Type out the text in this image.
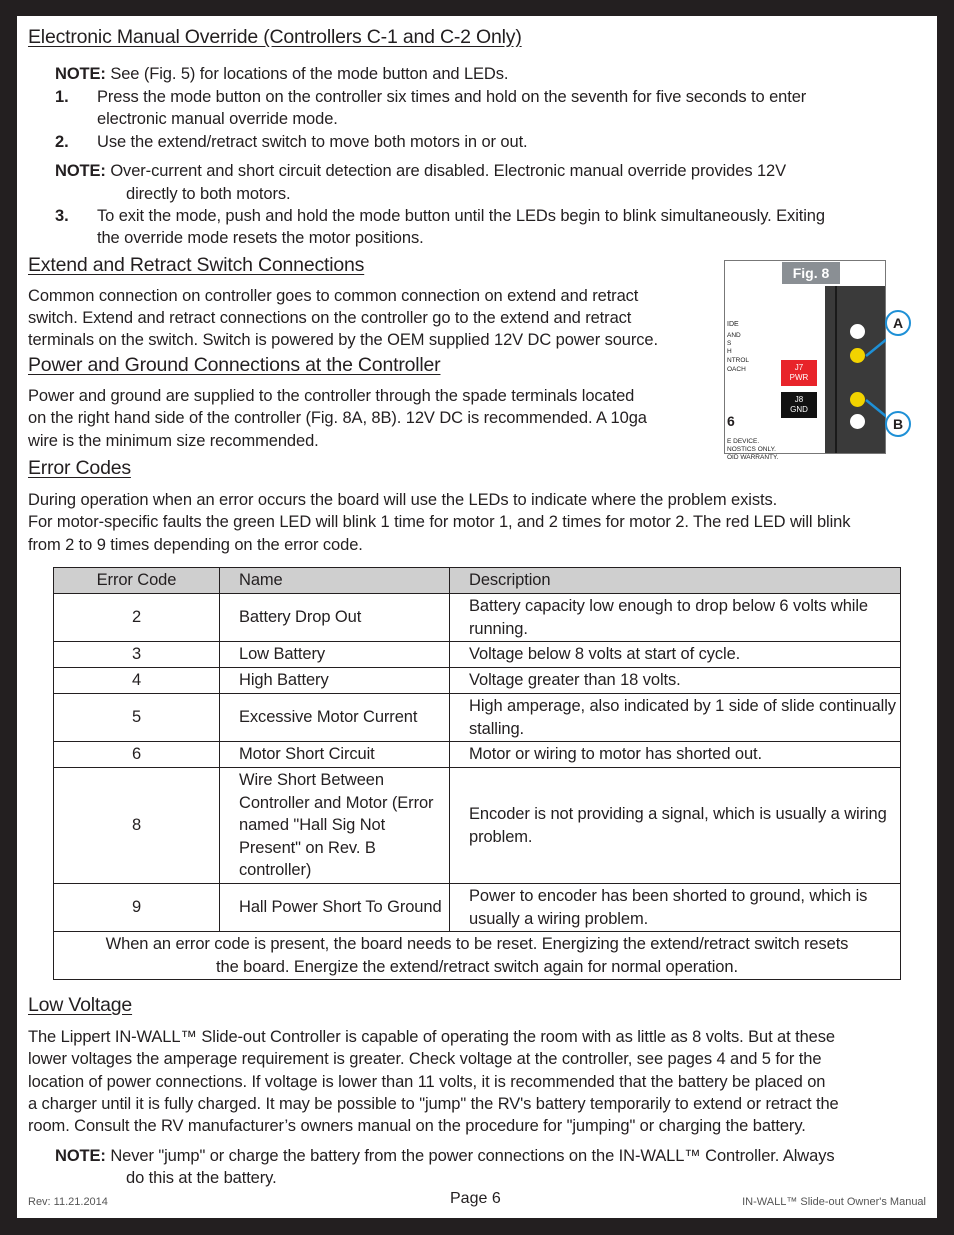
Electronic Manual Override (Controllers C-1 and C-2 Only)
NOTE: See (Fig. 5) for locations of the mode button and LEDs.
1. Press the mode button on the controller six times and hold on the seventh for five seconds to enter
electronic manual override mode.
2. Use the extend/retract switch to move both motors in or out.
NOTE: Over-current and short circuit detection are disabled. Electronic manual override provides 12V
directly to both motors.
3. To exit the mode, push and hold the mode button until the LEDs begin to blink simultaneously. Exiting
the override mode resets the motor positions.
Extend and Retract Switch Connections
Common connection on controller goes to common connection on extend and retract
switch. Extend and retract connections on the controller go to the extend and retract
terminals on the switch. Switch is powered by the OEM supplied 12V DC power source.
Power and Ground Connections at the Controller
Power and ground are supplied to the controller through the spade terminals located
on the right hand side of the controller (Fig. 8A, 8B). 12V DC is recommended. A 10ga
wire is the minimum size recommended.
IDE
AND
S
H
NTROL
OACH
6
E DEVICE.
NOSTICS ONLY.
OID WARRANTY.
J7
PWR
J8
GND
Fig. 8
A
B
Error Codes
During operation when an error occurs the board will use the LEDs to indicate where the problem exists.
For motor-specific faults the green LED will blink 1 time for motor 1, and 2 times for motor 2. The red LED will blink
from 2 to 9 times depending on the error code.
Error Code	Name	Description
2	Battery Drop Out	Battery capacity low enough to drop below 6 volts while running.
3	Low Battery	Voltage below 8 volts at start of cycle.
4	High Battery	Voltage greater than 18 volts.
5	Excessive Motor Current	High amperage, also indicated by 1 side of slide continually stalling.
6	Motor Short Circuit	Motor or wiring to motor has shorted out.
8	Wire Short Between Controller and Motor (Error named "Hall Sig Not Present" on Rev. B controller)	Encoder is not providing a signal, which is usually a wiring problem.
9	Hall Power Short To Ground	Power to encoder has been shorted to ground, which is usually a wiring problem.

When an error code is present, the board needs to be reset. Energizing the extend/retract switch resets
the board. Energize the extend/retract switch again for normal operation.		
Low Voltage
The Lippert IN-WALL™ Slide-out Controller is capable of operating the room with as little as 8 volts. But at these
lower voltages the amperage requirement is greater. Check voltage at the controller, see pages 4 and 5 for the
location of power connections. If voltage is lower than 11 volts, it is recommended that the battery be placed on
a charger until it is fully charged. It may be possible to "jump" the RV's battery temporarily to extend or retract the
room. Consult the RV manufacturer’s owners manual on the procedure for "jumping" or charging the battery.
NOTE: Never "jump" or charge the battery from the power connections on the IN-WALL™ Controller. Always
do this at the battery.
Rev: 11.21.2014	Page 6	IN-WALL™ Slide-out Owner's Manual
